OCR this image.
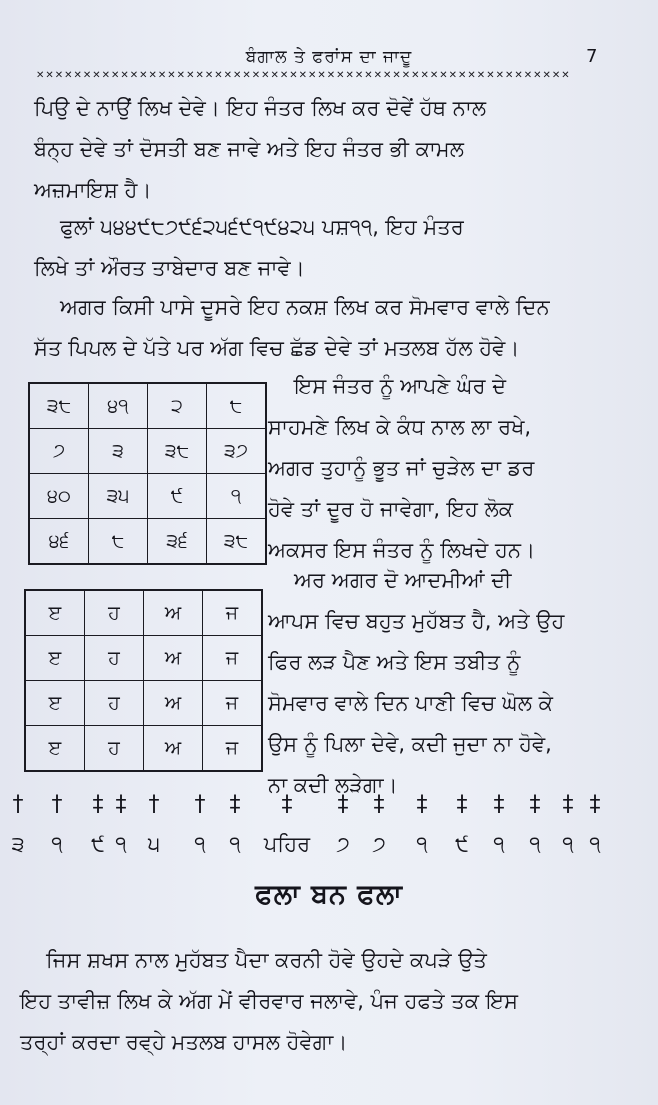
ਬੰਗਾਲ ਤੇ ਫਰਾਂਸ ਦਾ ਜਾਦੂ	7
✕✕✕✕✕✕✕✕✕✕✕✕✕✕✕✕✕✕✕✕✕✕✕✕✕✕✕✕✕✕✕✕✕✕✕✕✕✕✕✕✕✕✕✕✕✕✕✕✕✕✕✕✕✕✕✕✕

ਪਿਉ ਦੇ ਨਾਉਂ ਲਿਖ ਦੇਵੇ। ਇਹ ਜੰਤਰ ਲਿਖ ਕਰ ਦੋਵੇਂ ਹੱਥ ਨਾਲ
ਬੰਨ੍ਹ ਦੇਵੇ ਤਾਂ ਦੋਸਤੀ ਬਣ ਜਾਵੇ ਅਤੇ ਇਹ ਜੰਤਰ ਭੀ ਕਾਮਲ
ਅਜ਼ਮਾਇਸ਼ ਹੈ।

ਫੁਲਾਂ ੫੪੪੯੮੭੯੬੨੫੬੯੧੯੪੨੫ ਪਸ਼੧੧, ਇਹ ਮੰਤਰ
ਲਿਖੇ ਤਾਂ ਔਰਤ ਤਾਬੇਦਾਰ ਬਣ ਜਾਵੇ।

ਅਗਰ ਕਿਸੀ ਪਾਸੇ ਦੂਸਰੇ ਇਹ ਨਕਸ਼ ਲਿਖ ਕਰ ਸੋਮਵਾਰ ਵਾਲੇ ਦਿਨ
ਸੱਤ ਪਿਪਲ ਦੇ ਪੱਤੇ ਪਰ ਅੱਗ ਵਿਚ ਛੱਡ ਦੇਵੇ ਤਾਂ ਮਤਲਬ ਹੱਲ ਹੋਵੇ।

੩੮	੪੧	੨	੮
੭	੩	੩੮	੩੭
੪੦	੩੫	੯	੧
੪੬	੮	੩੬	੩੮

ਇਸ ਜੰਤਰ ਨੂੰ ਆਪਣੇ ਘੰਰ ਦੇ
ਸਾਹਮਣੇ ਲਿਖ ਕੇ ਕੰਧ ਨਾਲ ਲਾ ਰਖੇ,
ਅਗਰ ਤੁਹਾਨੂੰ ਭੂਤ ਜਾਂ ਚੁੜੇਲ ਦਾ ਡਰ
ਹੋਵੇ ਤਾਂ ਦੂਰ ਹੋ ਜਾਵੇਗਾ, ਇਹ ਲੋਕ
ਅਕਸਰ ਇਸ ਜੰਤਰ ਨੂੰ ਲਿਖਦੇ ਹਨ।

ੲ	ਹ	ਅ	ਜ
ੲ	ਹ	ਅ	ਜ
ੲ	ਹ	ਅ	ਜ
ੲ	ਹ	ਅ	ਜ

ਅਰ ਅਗਰ ਦੋ ਆਦਮੀਆਂ ਦੀ
ਆਪਸ ਵਿਚ ਬਹੁਤ ਮੁਹੱਬਤ ਹੈ, ਅਤੇ ਉਹ
ਫਿਰ ਲੜ ਪੈਣ ਅਤੇ ਇਸ ਤਬੀਤ ਨੂੰ
ਸੋਮਵਾਰ ਵਾਲੇ ਦਿਨ ਪਾਣੀ ਵਿਚ ਘੋਲ ਕੇ
ਉਸ ਨੂੰ ਪਿਲਾ ਦੇਵੇ, ਕਦੀ ਜੁਦਾ ਨਾ ਹੋਵੇ,
ਨਾ ਕਦੀ ਲੜੇਗਾ।

† † ‡ ‡ † † ‡ ‡ ‡ ‡ ‡ ‡ ‡ ‡ ‡ ‡
੩ ੧ ੯ ੧ ੫ ੧ ੧ ਪਹਿਰ ੭ ੭ ੧ ੯ ੧ ੧ ੧ ੧
ਫਲਾ ਬਨ ਫਲਾ

ਜਿਸ ਸ਼ਖਸ ਨਾਲ ਮੁਹੱਬਤ ਪੈਦਾ ਕਰਨੀ ਹੋਵੇ ਉਹਦੇ ਕਪੜੇ ਉਤੇ
ਇਹ ਤਾਵੀਜ਼ ਲਿਖ ਕੇ ਅੱਗ ਮੇਂ ਵੀਰਵਾਰ ਜਲਾਵੇ, ਪੰਜ ਹਫਤੇ ਤਕ ਇਸ
ਤਰ੍ਹਾਂ ਕਰਦਾ ਰਵ੍ਹੇ ਮਤਲਬ ਹਾਸਲ ਹੋਵੇਗਾ।
